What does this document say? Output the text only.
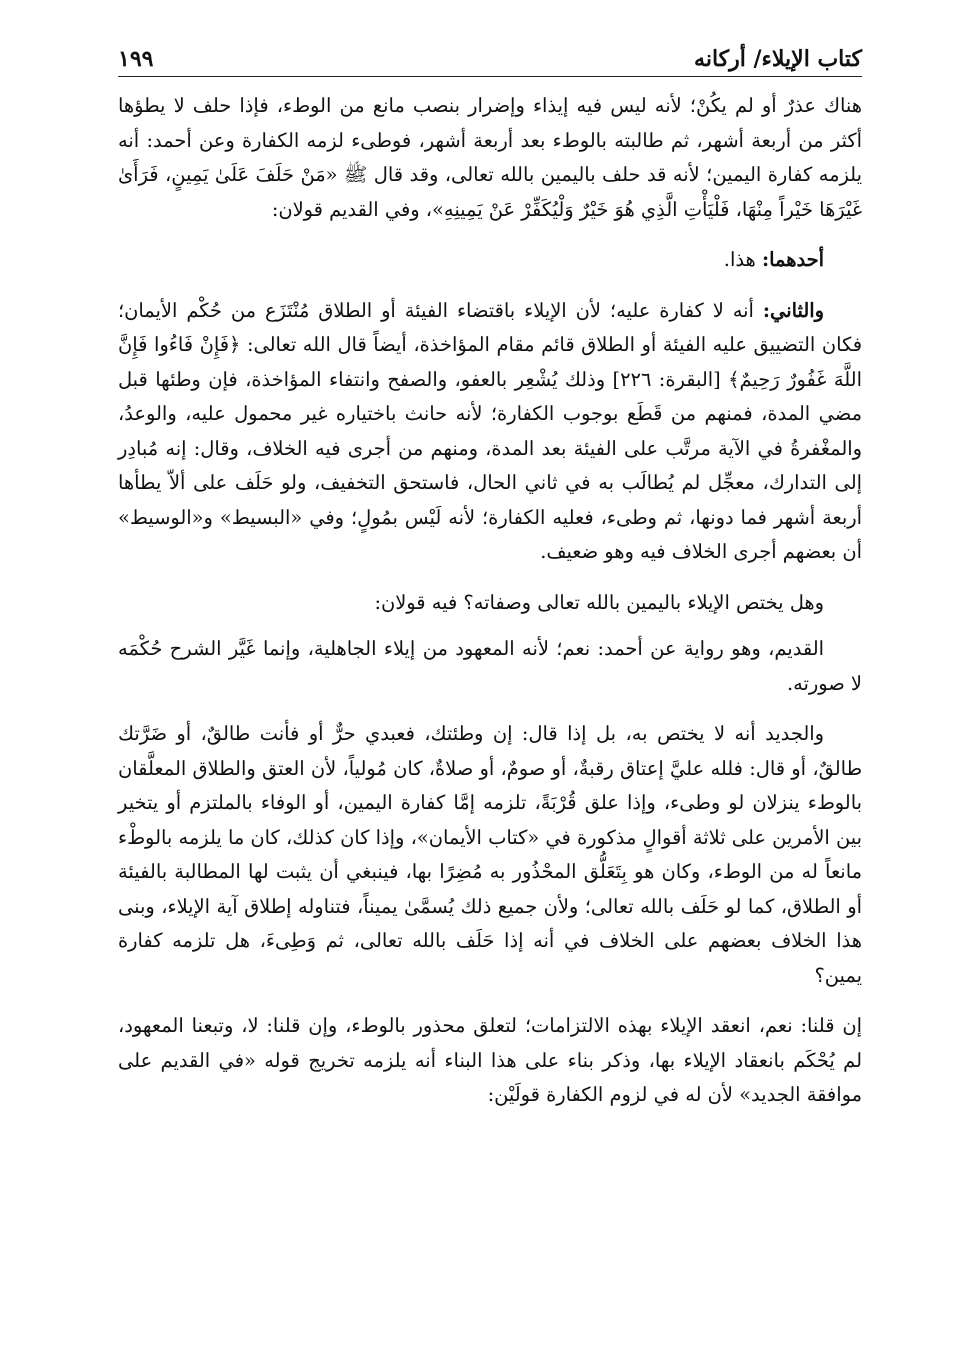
كتاب الإيلاء/ أركانه
١٩٩

هناك عذرٌ أو لم يكُنْ؛ لأنه ليس فيه إيذاء وإضرار بنصب مانع من الوطء، فإذا حلف لا يطؤها أكثر من أربعة أشهر، ثم طالبته بالوطء بعد أربعة أشهر، فوطىء لزمه الكفارة وعن أحمد: أنه يلزمه كفارة اليمين؛ لأنه قد حلف باليمين بالله تعالى، وقد قال ﷺ «مَنْ حَلَفَ عَلَىٰ يَمِينٍ، فَرَأَىٰ غَيْرَهَا خَيْراً مِنْهَا، فَلْيَأْتِ الَّذِي هُوَ خَيْرٌ وَلْيُكَفِّرْ عَنْ يَمِينِهِ»، وفي القديم قولان:

أحدهما: هذا.

والثاني: أنه لا كفارة عليه؛ لأن الإيلاء باقتضاء الفيئة أو الطلاق مُنْتَزَع من حُكْم الأيمان؛ فكان التضييق عليه الفيئة أو الطلاق قائم مقام المؤاخذة، أيضاً قال الله تعالى: ﴿فَإِنْ فَاءُوا فَإِنَّ اللَّهَ غَفُورٌ رَحِيمٌ﴾ [البقرة: ٢٢٦] وذلك يُشْعِر بالعفو، والصفح وانتفاء المؤاخذة، فإن وطئها قبل مضي المدة، فمنهم من قَطَع بوجوب الكفارة؛ لأنه حانث باختياره غير محمول عليه، والوعدُ، والمغْفرةُ في الآية مرتَّب على الفيئة بعد المدة، ومنهم من أجرى فيه الخلاف، وقال: إنه مُبادِر إلى التدارك، معجِّل لم يُطالَب به في ثاني الحال، فاستحق التخفيف، ولو حَلَف على ألاّ يطأها أربعة أشهر فما دونها، ثم وطىء، فعليه الكفارة؛ لأنه لَيْس بمُولٍ؛ وفي «البسيط» و«الوسيط» أن بعضهم أجرى الخلاف فيه وهو ضعيف.

وهل يختص الإيلاء باليمين بالله تعالى وصفاته؟ فيه قولان:

القديم، وهو رواية عن أحمد: نعم؛ لأنه المعهود من إيلاء الجاهلية، وإنما غَيَّر الشرح حُكْمَه لا صورته.

والجديد أنه لا يختص به، بل إذا قال: إن وطئتك، فعبدي حرٌّ أو فأنت طالقٌ، أو ضَرَّتك طالقٌ، أو قال: فلله عليَّ إعتاق رقبةٌ، أو صومٌ، أو صلاةٌ، كان مُولياً، لأن العتق والطلاق المعلَّقان بالوطء ينزلان لو وطىء، وإذا علق قُرْبَةً، تلزمه إمَّا كفارة اليمين، أو الوفاء بالملتزم أو يتخير بين الأمرين على ثلاثة أقوالٍ مذكورة في «كتاب الأيمان»، وإذا كان كذلك، كان ما يلزمه بالوطْء مانعاً له من الوطء، وكان هو بِتَعَلُّق المحْذُور به مُضِرًا بها، فينبغي أن يثبت لها المطالبة بالفيئة أو الطلاق، كما لو حَلَف بالله تعالى؛ ولأن جميع ذلك يُسمَّىٰ يميناً، فتناوله إطلاق آية الإيلاء، وبنى هذا الخلاف بعضهم على الخلاف في أنه إذا حَلَف بالله تعالى، ثم وَطِىءَ، هل تلزمه كفارة يمين؟

إن قلنا: نعم، انعقد الإيلاء بهذه الالتزامات؛ لتعلق محذور بالوطء، وإن قلنا: لا، وتبعنا المعهود، لم يُحْكَم بانعقاد الإيلاء بها، وذكر بناء على هذا البناء أنه يلزمه تخريج قوله «في القديم على موافقة الجديد» لأن له في لزوم الكفارة قولَيْن:
